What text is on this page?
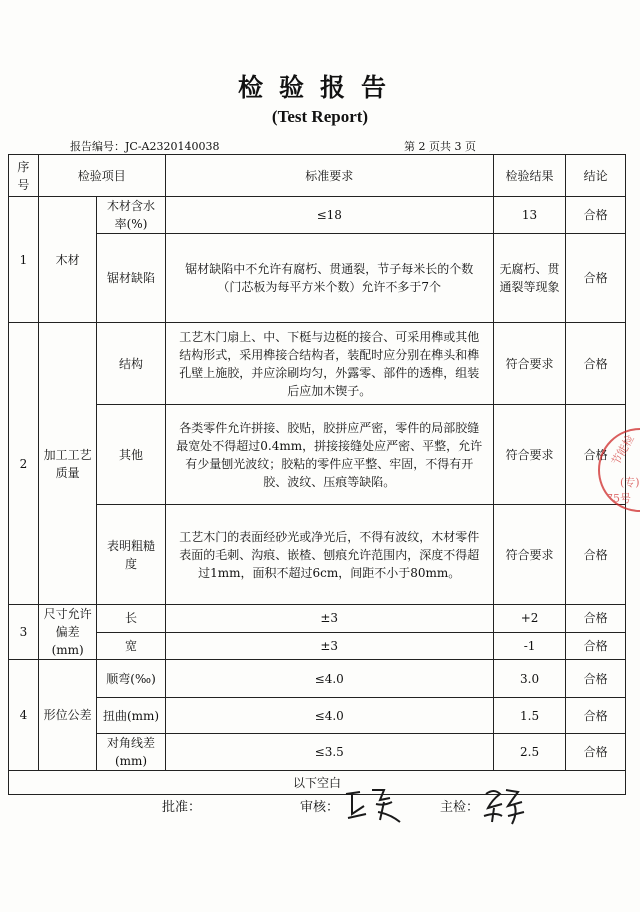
检验报告
(Test Report)
报告编号：JC-A2320140038	第 2 页共 3 页
序号	检验项目		标准要求	检验结果	结论
1	木材	木材含水率(%)	≤18	13	合格
		锯材缺陷	锯材缺陷中不允许有腐朽、贯通裂，节子每米长的个数（门芯板为每平方米个数）允许不多于7个	无腐朽、贯通裂等现象	合格
2	加工工艺质量	结构	工艺木门扇上、中、下梃与边梃的接合、可采用榫或其他结构形式，采用榫接合结构者，装配时应分别在榫头和榫孔壁上施胶，并应涂刷均匀，外露零、部件的透榫，组装后应加木锲子。	符合要求	合格
		其他	各类零件允许拼接、胶贴，胶拼应严密，零件的局部胶缝最宽处不得超过0.4mm，拼接接缝处应严密、平整，允许有少量刨光波纹；胶粘的零件应平整、牢固，不得有开胶、波纹、压痕等缺陷。	符合要求	合格
		表明粗糙度	工艺木门的表面经砂光或净光后，不得有波纹，木材零件表面的毛刺、沟痕、嵌楂、刨痕允许范围内，深度不得超过1mm，面积不超过6cm，间距不小于80mm。	符合要求	合格
3	尺寸允许偏差(mm)	长	±3	+2	合格
		宽	±3	-1	合格
4	形位公差	顺弯(‰)	≤4.0	3.0	合格
		扭曲(mm)	≤4.0	1.5	合格
		对角线差(mm)	≤3.5	2.5	合格
以下空白					
批准：	审核：	主检：
节能检
(专)
75号
